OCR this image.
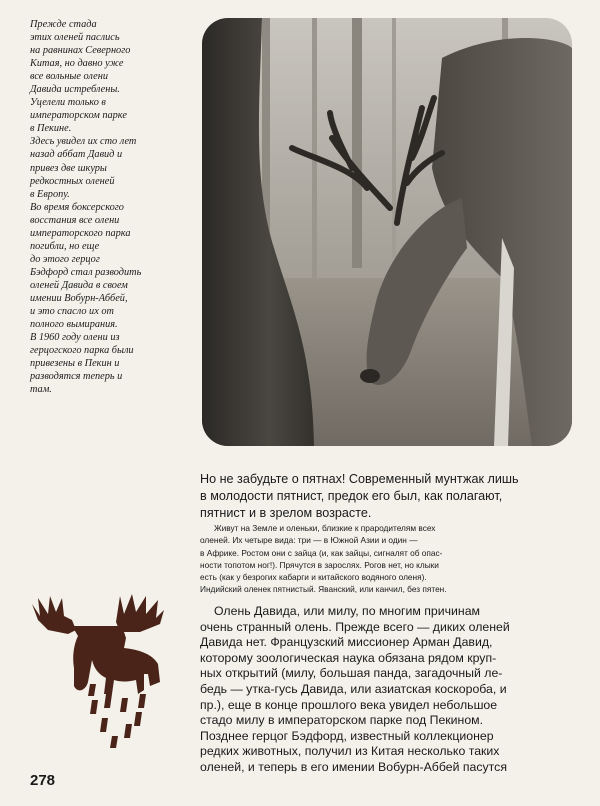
Прежде стада
этих оленей паслись
на равнинах Северного
Китая, но давно уже
все вольные олени
Давида истреблены.
Уцелели только в
императорском парке
в Пекине.
Здесь увидел их сто лет
назад аббат Давид и
привез две шкуры
редкостных оленей
в Европу.
Во время боксерского
восстания все олени
императорского парка
погибли, но еще
до этого герцог
Бэдфорд стал разводить
оленей Давида в своем
имении Вобурн-Аббей,
и это спасло их от
полного вымирания.
В 1960 году олени из
герцогского парка были
привезены в Пекин и
разводятся теперь и
там.
Но не забудьте о пятнах! Современный мунтжак лишь
в молодости пятнист, предок его был, как полагают,
пятнист и в зрелом возрасте.
Живут на Земле и оленьки, близкие к прародителям всех
оленей. Их четыре вида: три — в Южной Азии и один —
в Африке. Ростом они с зайца (и, как зайцы, сигналят об опас-
ности топотом ног!). Прячутся в зарослях. Рогов нет, но клыки
есть (как у безрогих кабарги и китайского водяного оленя).
Индийский оленек пятнистый. Яванский, или канчил, без пятен.
Олень Давида, или милу, по многим причинам
очень странный олень. Прежде всего — диких оленей
Давида нет. Французский миссионер Арман Давид,
которому зоологическая наука обязана рядом круп-
ных открытий (милу, большая панда, загадочный ле-
бедь — утка-гусь Давида, или азиатская коскороба, и
пр.), еще в конце прошлого века увидел небольшое
стадо милу в императорском парке под Пекином.
Позднее герцог Бэдфорд, известный коллекционер
редких животных, получил из Китая несколько таких
оленей, и теперь в его имении Вобурн-Аббей пасутся
278
